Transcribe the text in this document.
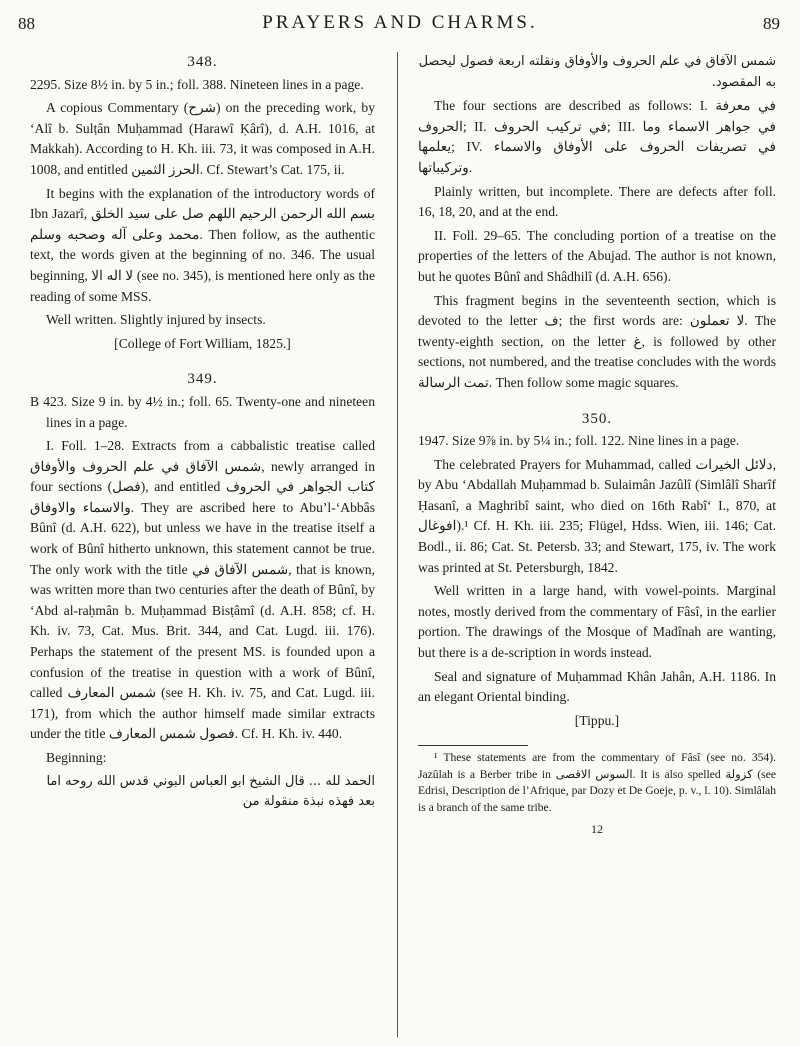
88	PRAYERS AND CHARMS.	89
348.

2295. Size 8½ in. by 5 in.; foll. 388. Nineteen lines in a page.

A copious Commentary (شرح) on the preceding work, by ‘Alî b. Sulṭân Muḥammad (Harawî Ḳârî), d. A.H. 1016, at Makkah). According to H. Kh. iii. 73, it was composed in A.H. 1008, and entitled الحرز الثمين. Cf. Stewart’s Cat. 175, ii.

It begins with the explanation of the introductory words of Ibn Jazarî, بسم الله الرحمن الرحيم اللهم صل على سيد الخلق محمد وعلى آله وصحبه وسلم. Then follow, as the authentic text, the words given at the beginning of no. 346. The usual beginning, لا اله الا (see no. 345), is mentioned here only as the reading of some MSS.

Well written. Slightly injured by insects.

[College of Fort William, 1825.]

349.

B 423. Size 9 in. by 4½ in.; foll. 65. Twenty-one and nineteen lines in a page.

I. Foll. 1–28. Extracts from a cabbalistic treatise called شمس الآفاق في علم الحروف والأوفاق, newly arranged in four sections (فصل), and entitled كتاب الجواهر في الحروف والاسماء والاوفاق. They are ascribed here to Abu’l-‘Abbâs Bûnî (d. A.H. 622), but unless we have in the treatise itself a work of Bûnî hitherto unknown, this statement cannot be true. The only work with the title شمس الآفاق في, that is known, was written more than two centuries after the death of Bûnî, by ‘Abd al-raḥmân b. Muḥammad Bisṭâmî (d. A.H. 858; cf. H. Kh. iv. 73, Cat. Mus. Brit. 344, and Cat. Lugd. iii. 176). Perhaps the statement of the present MS. is founded upon a confusion of the treatise in question with a work of Bûnî, called شمس المعارف (see H. Kh. iv. 75, and Cat. Lugd. iii. 171), from which the author himself made similar extracts under the title فصول شمس المعارف. Cf. H. Kh. iv. 440.

Beginning:

الحمد لله ... قال الشيخ ابو العباس البوني قدس الله روحه اما بعد فهذه نبذة منقولة من

شمس الآفاق في علم الحروف والأوفاق ونقلته اربعة فصول ليحصل به المقصود.

The four sections are described as follows: I. في معرفة الحروف; II. في تركيب الحروف; III. في جواهر الاسماء وما يعلمها; IV. في تصريفات الحروف على الأوفاق والاسماء وتركيباتها.

Plainly written, but incomplete. There are defects after foll. 16, 18, 20, and at the end.

II. Foll. 29–65. The concluding portion of a treatise on the properties of the letters of the Abujad. The author is not known, but he quotes Bûnî and Shâdhilî (d. A.H. 656).

This fragment begins in the seventeenth section, which is devoted to the letter ف; the first words are: لا تعملون. The twenty-eighth section, on the letter غ, is followed by other sections, not numbered, and the treatise concludes with the words تمت الرسالة. Then follow some magic squares.

350.

1947. Size 9⅞ in. by 5¼ in.; foll. 122. Nine lines in a page.

The celebrated Prayers for Muhammad, called دلائل الخيرات, by Abu ‘Abdallah Muḥammad b. Sulaimân Jazûlî (Simlâlî Sharîf Ḥasanî, a Maghribî saint, who died on 16th Rabî‘ I., 870, at افوغال).¹ Cf. H. Kh. iii. 235; Flügel, Hdss. Wien, iii. 146; Cat. Bodl., ii. 86; Cat. St. Petersb. 33; and Stewart, 175, iv. The work was printed at St. Petersburgh, 1842.

Well written in a large hand, with vowel-points. Marginal notes, mostly derived from the commentary of Fâsî, in the earlier portion. The drawings of the Mosque of Madînah are wanting, but there is a de-scription in words instead.

Seal and signature of Muḥammad Khân Jahân, A.H. 1186. In an elegant Oriental binding.

[Tippu.]

¹ These statements are from the commentary of Fâsî (see no. 354). Jazûlah is a Berber tribe in السوس الاقصى. It is also spelled كزولة (see Edrisi, Description de l’Afrique, par Dozy et De Goeje, p. v., l. 10). Simlâlah is a branch of the same tribe.

12
